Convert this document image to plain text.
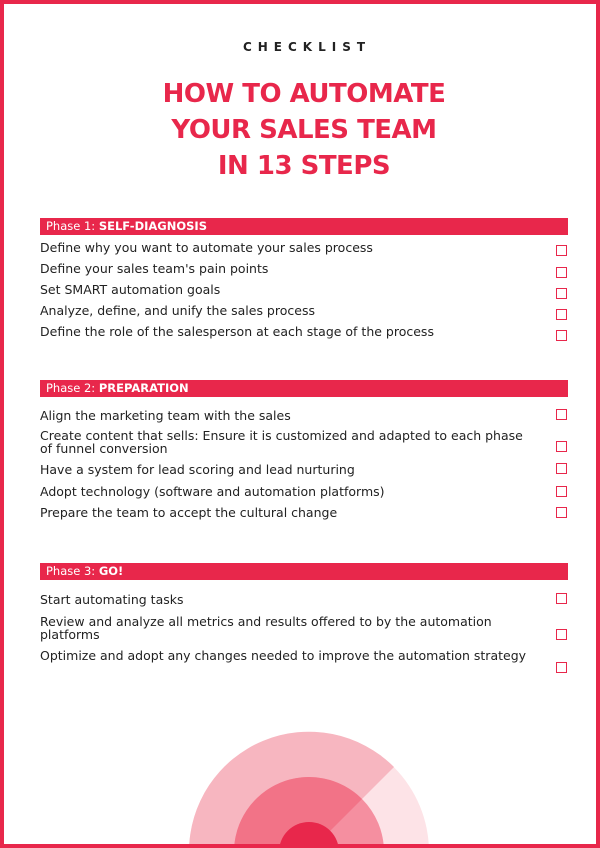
CHECKLIST
HOW TO AUTOMATE
YOUR SALES TEAM
IN 13 STEPS
Phase 1: SELF-DIAGNOSIS
Define why you want to automate your sales process
Define your sales team's pain points
Set SMART automation goals
Analyze, define, and unify the sales process
Define the role of the salesperson at each stage of the process
Phase 2: PREPARATION
Align the marketing team with the sales
Create content that sells: Ensure it is customized and adapted to each phase of funnel conversion
Have a system for lead scoring and lead nurturing
Adopt technology (software and automation platforms)
Prepare the team to accept the cultural change
Phase 3: GO!
Start automating tasks
Review and analyze all metrics and results offered to by the automation platforms
Optimize and adopt any changes needed to improve the automation strategy
